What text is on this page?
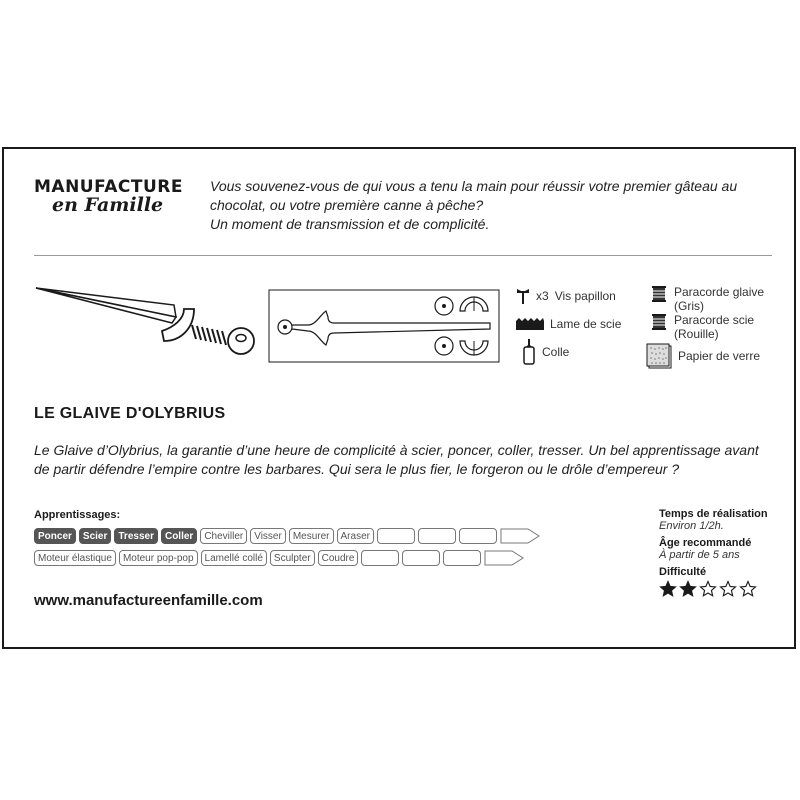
MANUFACTURE
en Famille
Vous souvenez-vous de qui vous a tenu la main pour réussir votre premier gâteau au chocolat, ou votre première canne à pêche?
Un moment de transmission et de complicité.
x3 Vis papillon
Lame de scie
Colle
Paracorde glaive
(Gris)
Paracorde scie
(Rouille)
Papier de verre
LE GLAIVE D'OLYBRIUS
Le Glaive d’Olybrius, la garantie d’une heure de complicité à scier, poncer, coller, tresser. Un bel apprentissage avant de partir défendre l’empire contre les barbares. Qui sera le plus fier, le forgeron ou le drôle d’empereur ?
Apprentissages:
Poncer	Scier	Tresser	Coller	Cheviller	Visser	Mesurer	Araser
Moteur élastique	Moteur pop-pop	Lamellé collé	Sculpter	Coudre
www.manufactureenfamille.com
Temps de réalisation
Environ 1/2h.
Âge recommandé
À partir de 5 ans
Difficulté
